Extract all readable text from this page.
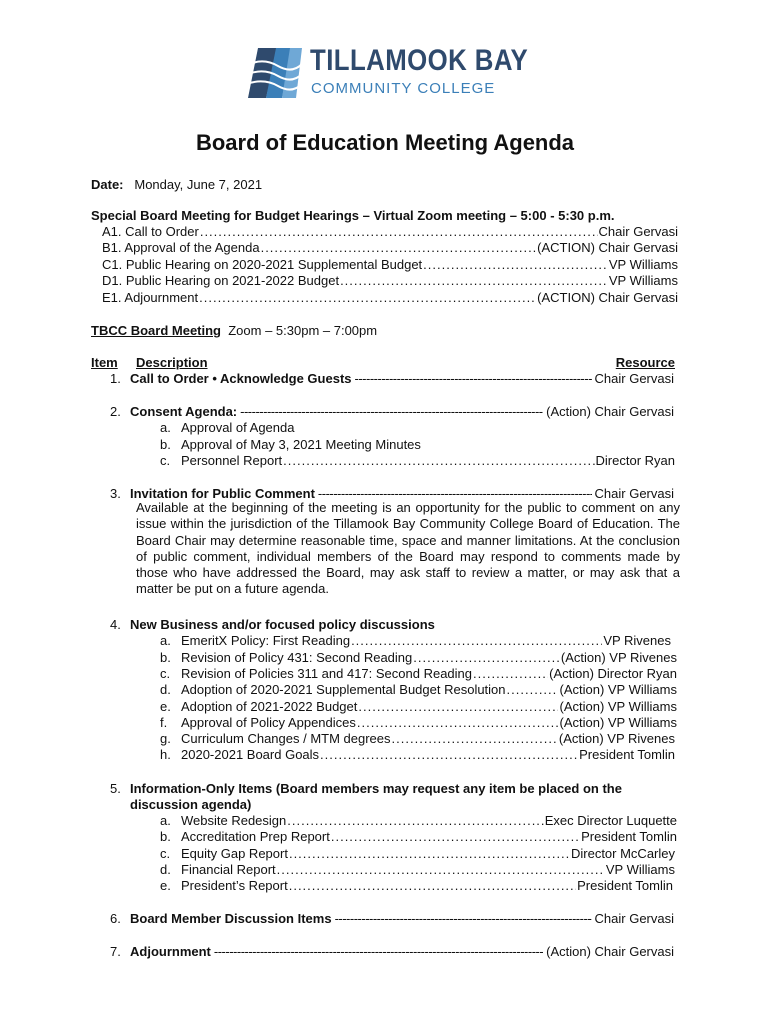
TILLAMOOK BAY
COMMUNITY COLLEGE
Board of Education Meeting Agenda
Date: Monday, June 7, 2021
Special Board Meeting for Budget Hearings – Virtual Zoom meeting – 5:00 - 5:30 p.m.
A1. Call to Order .....	Chair Gervasi
B1. Approval of the Agenda .....	(ACTION) Chair Gervasi
C1. Public Hearing on 2020-2021 Supplemental Budget .....	VP Williams
D1. Public Hearing on 2021-2022 Budget .....	VP Williams
E1. Adjournment .....	(ACTION) Chair Gervasi
TBCC Board Meeting Zoom – 5:30pm – 7:00pm
Item Description	Resource
1. Call to Order • Acknowledge Guests -----	Chair Gervasi
2. Consent Agenda: -----	(Action) Chair Gervasi
a. Approval of Agenda
b. Approval of May 3, 2021 Meeting Minutes
c. Personnel Report .....	Director Ryan
3. Invitation for Public Comment -----	Chair Gervasi
Available at the beginning of the meeting is an opportunity for the public to comment on any issue within the jurisdiction of the Tillamook Bay Community College Board of Education. The Board Chair may determine reasonable time, space and manner limitations. At the conclusion of public comment, individual members of the Board may respond to comments made by those who have addressed the Board, may ask staff to review a matter, or may ask that a matter be put on a future agenda.
4. New Business and/or focused policy discussions
a. EmeritX Policy: First Reading .....	VP Rivenes
b. Revision of Policy 431: Second Reading .....	(Action) VP Rivenes
c. Revision of Policies 311 and 417: Second Reading .....	(Action) Director Ryan
d. Adoption of 2020-2021 Supplemental Budget Resolution .....	(Action) VP Williams
e. Adoption of 2021-2022 Budget .....	(Action) VP Williams
f. Approval of Policy Appendices .....	(Action) VP Williams
g. Curriculum Changes / MTM degrees .....	(Action) VP Rivenes
h. 2020-2021 Board Goals .....	President Tomlin
5. Information-Only Items (Board members may request any item be placed on the
discussion agenda)
a. Website Redesign .....	Exec Director Luquette
b. Accreditation Prep Report .....	President Tomlin
c. Equity Gap Report .....	Director McCarley
d. Financial Report .....	VP Williams
e. President’s Report .....	President Tomlin
6. Board Member Discussion Items -----	Chair Gervasi
7. Adjournment -----	(Action) Chair Gervasi
